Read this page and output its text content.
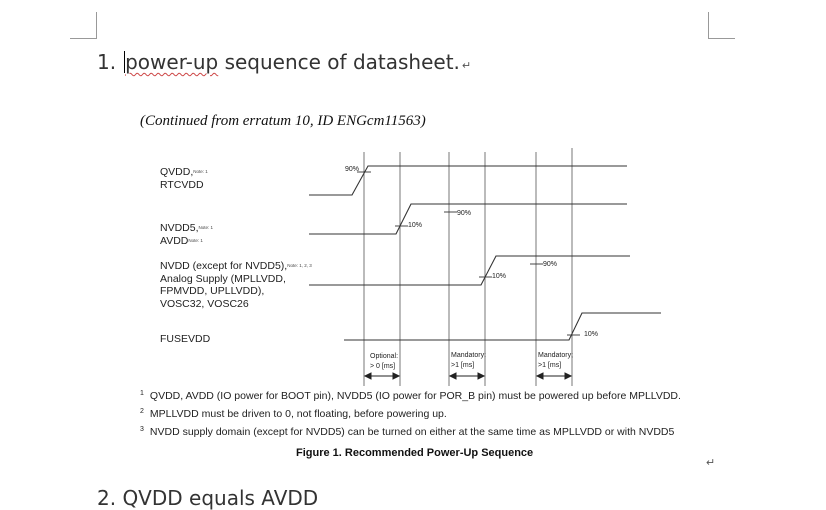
1. power-up sequence of datasheet. ↵
(Continued from erratum 10, ID ENGcm11563)
QVDD,$^{Note: 1}$
RTCVDD
NVDD5,$^{Note: 1}$
$AVDD^{Note: 1}$
NVDD (except for NVDD5),$^{Note: 1, 2, 3}$
Analog Supply (MPLLVDD,
FPMVDD, UPLLVDD),
VOSC32, VOSC26
FUSEVDD
90%
10%
90%
10%
90%
10%
Optional:
> 0 [ms]
Mandatory:
>1 [ms]
Mandatory;
>1 [ms]
$^1$ QVDD, AVDD (IO power for BOOT pin), NVDD5 (IO power for POR_B pin) must be powered up before MPLLVDD.
$^2$ MPLLVDD must be driven to 0, not floating, before powering up.
$^3$ NVDD supply domain (except for NVDD5) can be turned on either at the same time as MPLLVDD or with NVDD5
Figure 1. Recommended Power-Up Sequence
↵
2. QVDD equals AVDD
